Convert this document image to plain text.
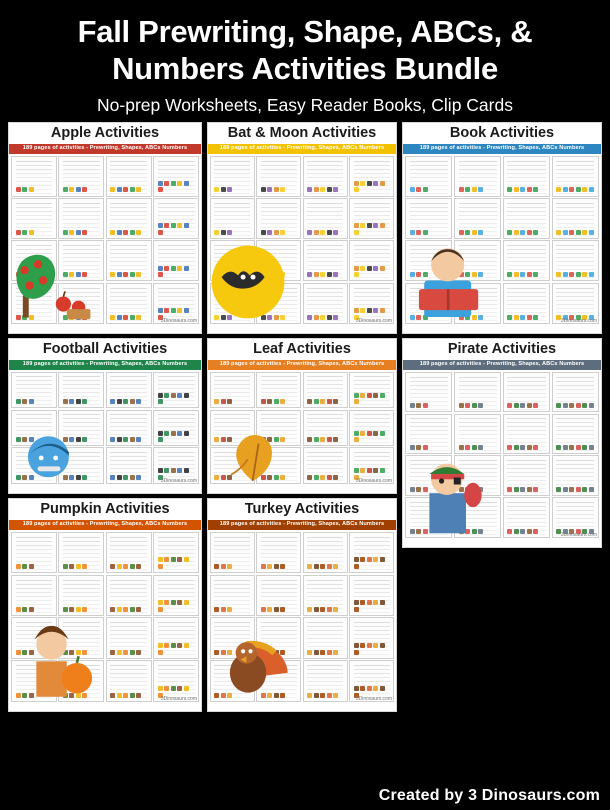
Fall Prewriting, Shape, ABCs, &
Numbers Activities Bundle
No-prep Worksheets, Easy Reader Books, Clip Cards
Apple Activities
189 pages of activities - Prewriting, Shapes, ABCs Numbers
3Dinosaurs.com
Bat & Moon Activities
189 pages of activities - Prewriting, Shapes, ABCs Numbers
3Dinosaurs.com
Book Activities
189 pages of activities - Prewriting, Shapes, ABCs Numbers
3Dinosaurs.com
Football Activities
189 pages of activities - Prewriting, Shapes, ABCs Numbers
3Dinosaurs.com
Leaf Activities
189 pages of activities - Prewriting, Shapes, ABCs Numbers
3Dinosaurs.com
Pirate Activities
189 pages of activities - Prewriting, Shapes, ABCs Numbers
3Dinosaurs.com
Pumpkin Activities
189 pages of activities - Prewriting, Shapes, ABCs Numbers
3Dinosaurs.com
Turkey Activities
189 pages of activities - Prewriting, Shapes, ABCs Numbers
3Dinosaurs.com
Created by 3 Dinosaurs.com
